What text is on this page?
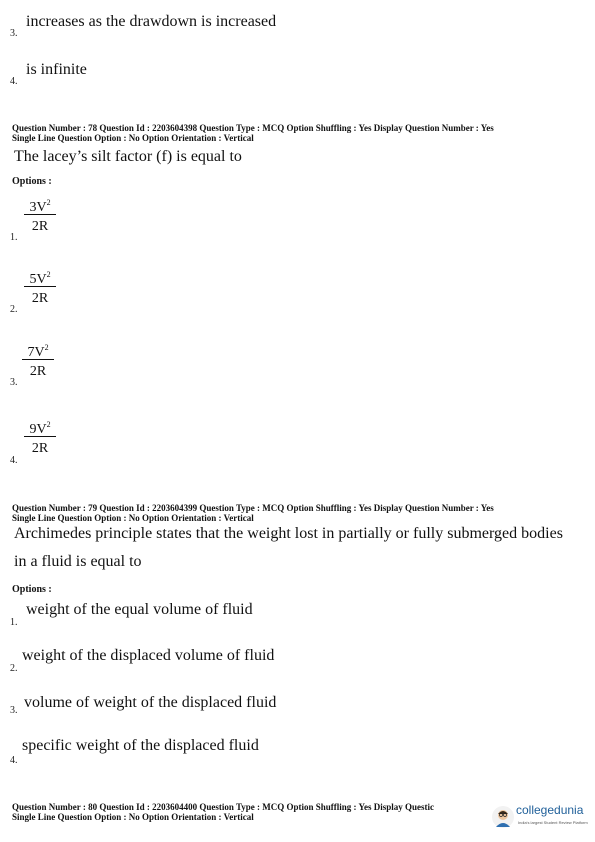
3.
increases as the drawdown is increased
4.
is infinite
Question Number : 78 Question Id : 2203604398 Question Type : MCQ Option Shuffling : Yes Display Question Number : Yes
Single Line Question Option : No Option Orientation : Vertical
The lacey’s silt factor (f) is equal to
Options :
1.
$3V^2$
2R
2.
$5V^2$
2R
3.
$7V^2$
2R
4.
$9V^2$
2R
Question Number : 79 Question Id : 2203604399 Question Type : MCQ Option Shuffling : Yes Display Question Number : Yes
Single Line Question Option : No Option Orientation : Vertical
Archimedes principle states that the weight lost in partially or fully submerged bodies
in a fluid is equal to
Options :
1.
weight of the equal volume of fluid
2.
weight of the displaced volume of fluid
3. volume of weight of the displaced fluid
4.
specific weight of the displaced fluid
Question Number : 80 Question Id : 2203604400 Question Type : MCQ Option Shuffling : Yes Display Questic
Single Line Question Option : No Option Orientation : Vertical	collegedunia
India's largest Student Review Platform
